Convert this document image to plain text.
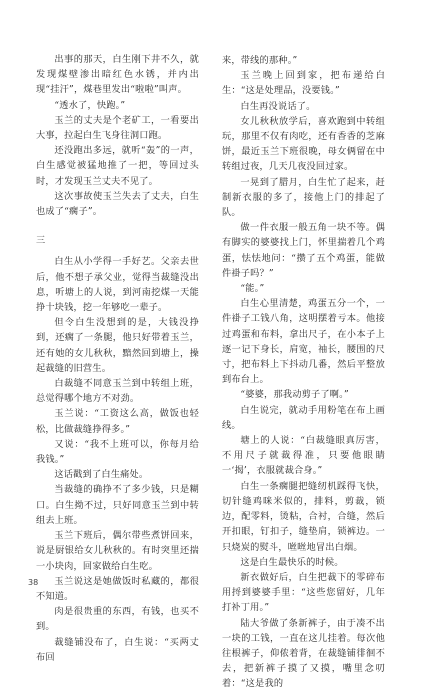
出事的那天，白生刚下井不久，就发现煤壁渗出暗红色水锈，并内出现“挂汗”，煤巷里发出“啦啦”叫声。

“透水了，快跑。”

玉兰的丈夫是个老矿工，一看要出大事，拉起白生飞身往洞口跑。

还没跑出多远，就听“轰”的一声，白生感觉被猛地推了一把，等回过头时，才发现玉兰丈夫不见了。

这次事故使玉兰失去了丈夫，白生也成了“瘸子”。

三

白生从小学得一手好艺。父亲去世后，他不想子承父业，觉得当裁缝没出息，听塘上的人说，到河南挖煤一天能挣十块钱，挖一年够吃一辈子。

但令白生没想到的是，大钱没挣到，还瘸了一条腿，他只好带着玉兰，还有她的女儿秋秋，黯然回到塘上，操起裁缝的旧营生。

白裁缝不同意玉兰到中转组上班，总觉得哪个地方不对劲。

玉兰说：“工资这么高，做饭也轻松，比做裁缝挣得多。”

又说：“我不上班可以，你每月给我钱。”

这话戳到了白生痛处。

当裁缝的确挣不了多少钱，只是糊口。白生拗不过，只好同意玉兰到中转组去上班。

玉兰下班后，偶尔带些煮饼回来，说是厨银给女儿秋秋的。有时突里还揣一小块肉，回家做给白生吃。

玉兰说这是她做饭时私藏的，都很不知道。

肉是很贵重的东西，有钱，也买不到。

裁缝铺没布了，白生说：“买两丈布回

来，带线的那种。”

玉兰晚上回到家，把布递给白生：“这是处理品，没要钱。”

白生再没说话了。

女儿秋秋放学后，喜欢跑到中转组玩，那里不仅有肉吃，还有香香的芝麻饼，最近玉兰下班很晚，母女俩留在中转组过夜，几天几夜没回过家。

一晃到了腊月，白生忙了起来，赶制新衣服的多了，接他上门的排起了队。

做一件衣服一般五角一块不等。偶有脚实的婆婆找上门，怀里揣着几个鸡蛋，怯怯地问：“攒了五个鸡蛋，能做件褂子吗？”

“能。”

白生心里清楚，鸡蛋五分一个，一件褂子工钱八角，这明摆着亏本。他接过鸡蛋和布料，拿出尺子，在小本子上逐一记下身长，肩宽，袖长，腰围的尺寸，把布料上下抖动几番，然后平整放到布台上。

“婆婆，那我动剪子了啊。”

白生说完，就动手用粉笔在布上画线。

塘上的人说：“白裁缝眼真厉害，不用尺子就裁得准，只要他眼睛一‘揭’，衣服就裁合身。”

白生一条瘸腿把缝纫机踩得飞快，切针缝鸡咪米似的，排料，剪裁，锁边，配零料，烫粘，合衬，合缝，然后开扣眼，钉扣子，缝垫肩，锁裤边。一只烧炭的熨斗，咝咝地冒出白烟。

这是白生最快乐的时候。

新衣做好后，白生把裁下的零碎布用捋到婆婆手里：“这些您留好，几年打补丁用。”

陆大爷做了条新裤子，由于凑不出一块的工钱，一直在这儿挂着。每次他往根裤子，仰侬着背，在裁缝铺徘徊不去，把新裤子摸了又摸，嘴里念叨着：“这是我的

38
